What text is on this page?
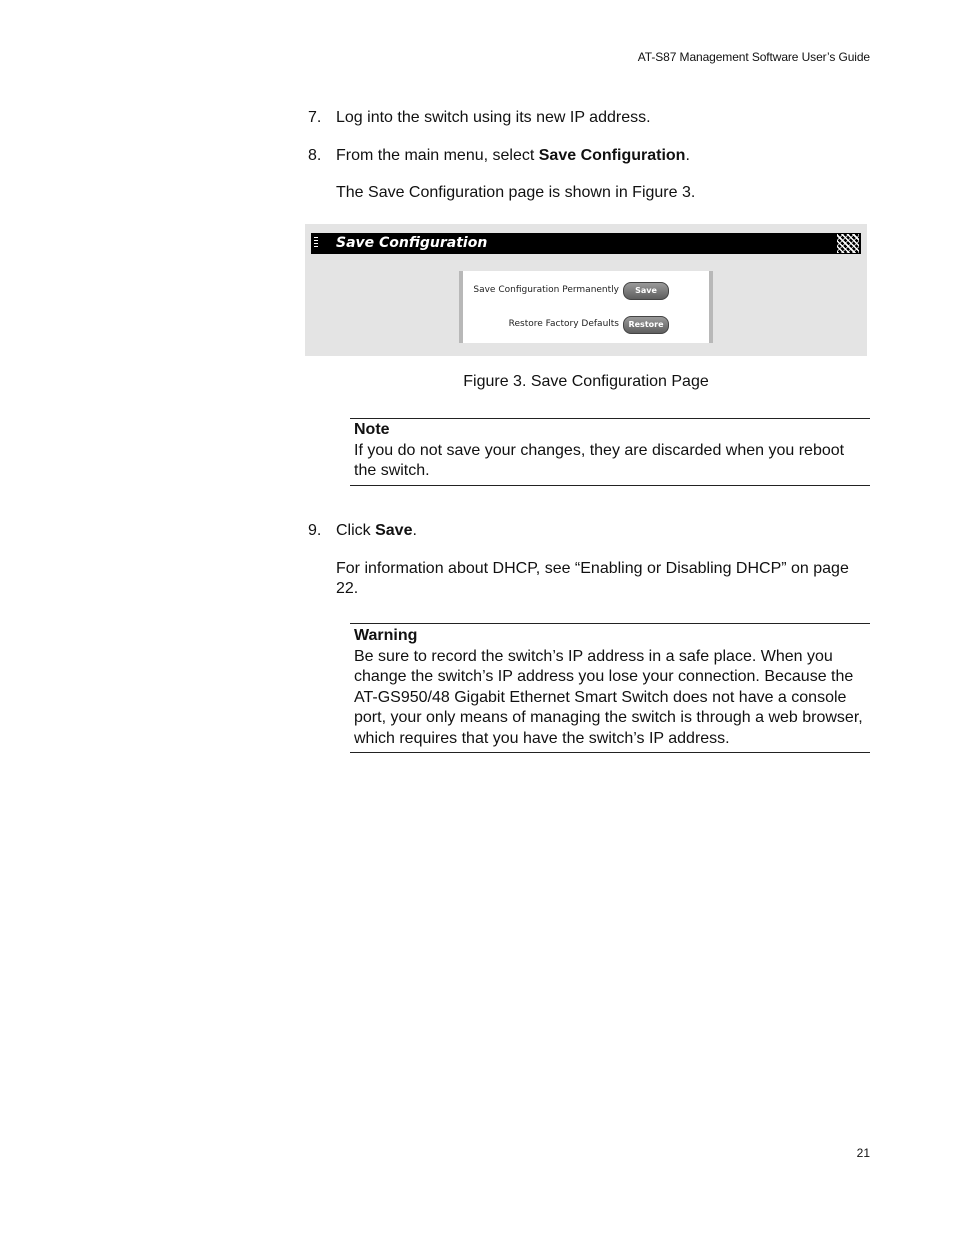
AT-S87 Management Software User’s Guide
7. Log into the switch using its new IP address.
8. From the main menu, select Save Configuration.
The Save Configuration page is shown in Figure 3.
Save Configuration
Save Configuration Permanently	Save
Restore Factory Defaults	Restore
Figure 3. Save Configuration Page
Note
If you do not save your changes, they are discarded when you reboot the switch.
9. Click Save.
For information about DHCP, see “Enabling or Disabling DHCP” on page 22.
Warning
Be sure to record the switch’s IP address in a safe place. When you change the switch’s IP address you lose your connection. Because the AT-GS950/48 Gigabit Ethernet Smart Switch does not have a console port, your only means of managing the switch is through a web browser, which requires that you have the switch’s IP address.
21
